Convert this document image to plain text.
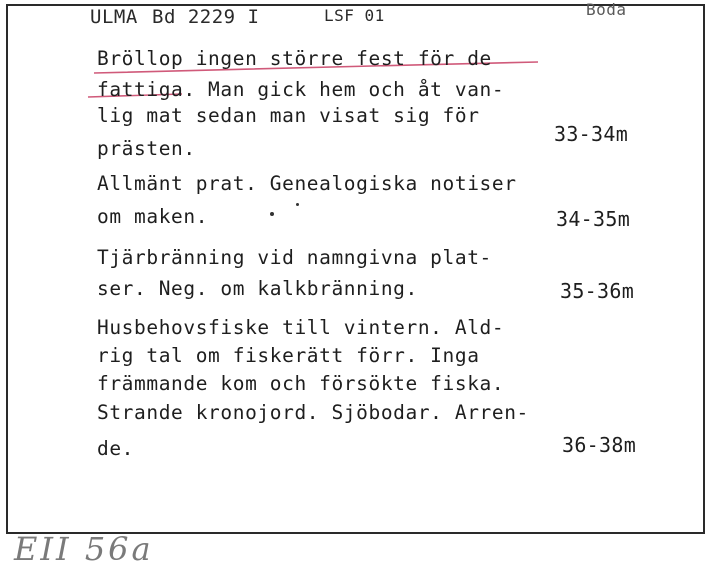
ULMA Bd 2229 I	LSF 01	Boda
Bröllop ingen större fest för de
fattiga. Man gick hem och åt van-
lig mat sedan man visat sig för
prästen.
33-34m
Allmänt prat. Genealogiska notiser
om maken.	34-35m
Tjärbränning vid namngivna plat-
ser. Neg. om kalkbränning.	35-36m
Husbehovsfiske till vintern. Ald-
rig tal om fiskerätt förr. Inga
främmande kom och försökte fiska.
Strande kronojord. Sjöbodar. Arren-
de.	36-38m
EII 56a
